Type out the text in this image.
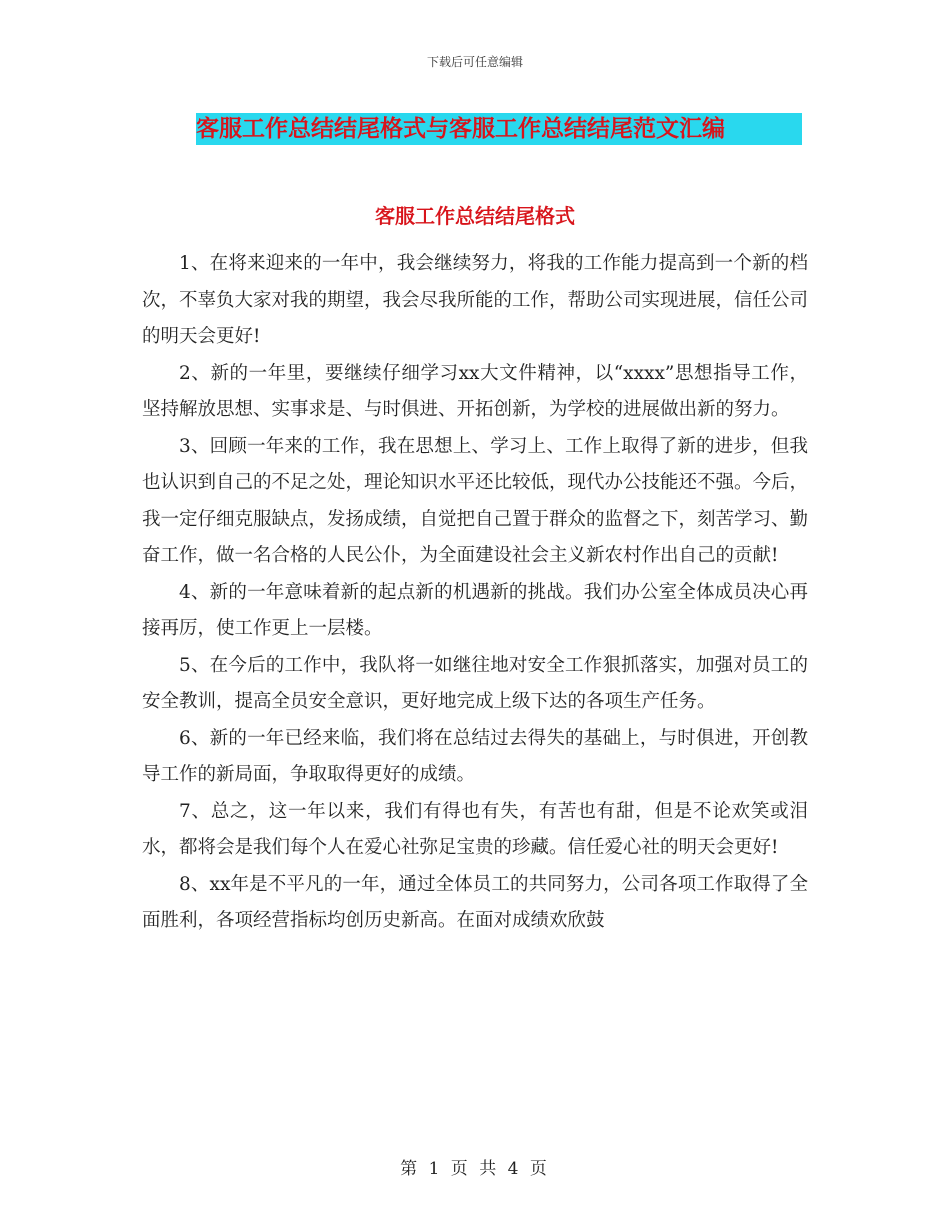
下载后可任意编辑
客服工作总结结尾格式与客服工作总结结尾范文汇编
客服工作总结结尾格式

1、在将来迎来的一年中，我会继续努力，将我的工作能力提高到一个新的档次，不辜负大家对我的期望，我会尽我所能的工作，帮助公司实现进展，信任公司的明天会更好!

2、新的一年里，要继续仔细学习xx大文件精神，以“xxxx”思想指导工作，坚持解放思想、实事求是、与时俱进、开拓创新，为学校的进展做出新的努力。

3、回顾一年来的工作，我在思想上、学习上、工作上取得了新的进步，但我也认识到自己的不足之处，理论知识水平还比较低，现代办公技能还不强。今后，我一定仔细克服缺点，发扬成绩，自觉把自己置于群众的监督之下，刻苦学习、勤奋工作，做一名合格的人民公仆，为全面建设社会主义新农村作出自己的贡献!

4、新的一年意味着新的起点新的机遇新的挑战。我们办公室全体成员决心再接再厉，使工作更上一层楼。

5、在今后的工作中，我队将一如继往地对安全工作狠抓落实，加强对员工的安全教训，提高全员安全意识，更好地完成上级下达的各项生产任务。

6、新的一年已经来临，我们将在总结过去得失的基础上，与时俱进，开创教导工作的新局面，争取取得更好的成绩。

7、总之，这一年以来，我们有得也有失，有苦也有甜，但是不论欢笑或泪水，都将会是我们每个人在爱心社弥足宝贵的珍藏。信任爱心社的明天会更好!

8、xx年是不平凡的一年，通过全体员工的共同努力，公司各项工作取得了全面胜利，各项经营指标均创历史新高。在面对成绩欢欣鼓

第 1 页 共 4 页
